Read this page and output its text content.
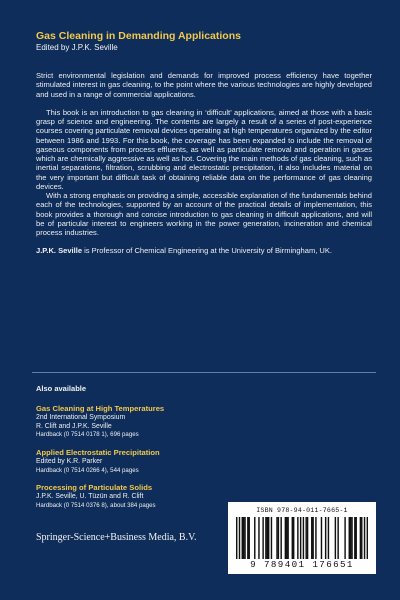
Gas Cleaning in Demanding Applications
Edited by J.P.K. Seville

Strict environmental legislation and demands for improved process efficiency have together stimulated interest in gas cleaning, to the point where the various technologies are highly developed and used in a range of commercial applications.

This book is an introduction to gas cleaning in ‘difficult’ applications, aimed at those with a basic grasp of science and engineering. The contents are largely a result of a series of post-experience courses covering particulate removal devices operating at high temperatures organized by the editor between 1986 and 1993. For this book, the coverage has been expanded to include the removal of gaseous components from process effluents, as well as particulate removal and operation in gases which are chemically aggressive as well as hot. Covering the main methods of gas cleaning, such as inertial separations, filtration, scrubbing and electrostatic precipitation, it also includes material on the very important but difficult task of obtaining reliable data on the performance of gas cleaning devices.

With a strong emphasis on providing a simple, accessible explanation of the fundamentals behind each of the technologies, supported by an account of the practical details of implementation, this book provides a thorough and concise introduction to gas cleaning in difficult applications, and will be of particular interest to engineers working in the power generation, incineration and chemical process industries.

J.P.K. Seville is Professor of Chemical Engineering at the University of Birmingham, UK.

Also available
Gas Cleaning at High Temperatures
2nd International Symposium
R. Clift and J.P.K. Seville
Hardback (0 7514 0178 1), 696 pages
Applied Electrostatic Precipitation
Edited by K.R. Parker
Hardback (0 7514 0266 4), 544 pages
Processing of Particulate Solids
J.P.K. Seville, U. Tüzün and R. Clift
Hardback (0 7514 0376 8), about 384 pages
Springer-Science+Business Media, B.V.
ISBN 978-94-011-7665-1
9 789401 176651
